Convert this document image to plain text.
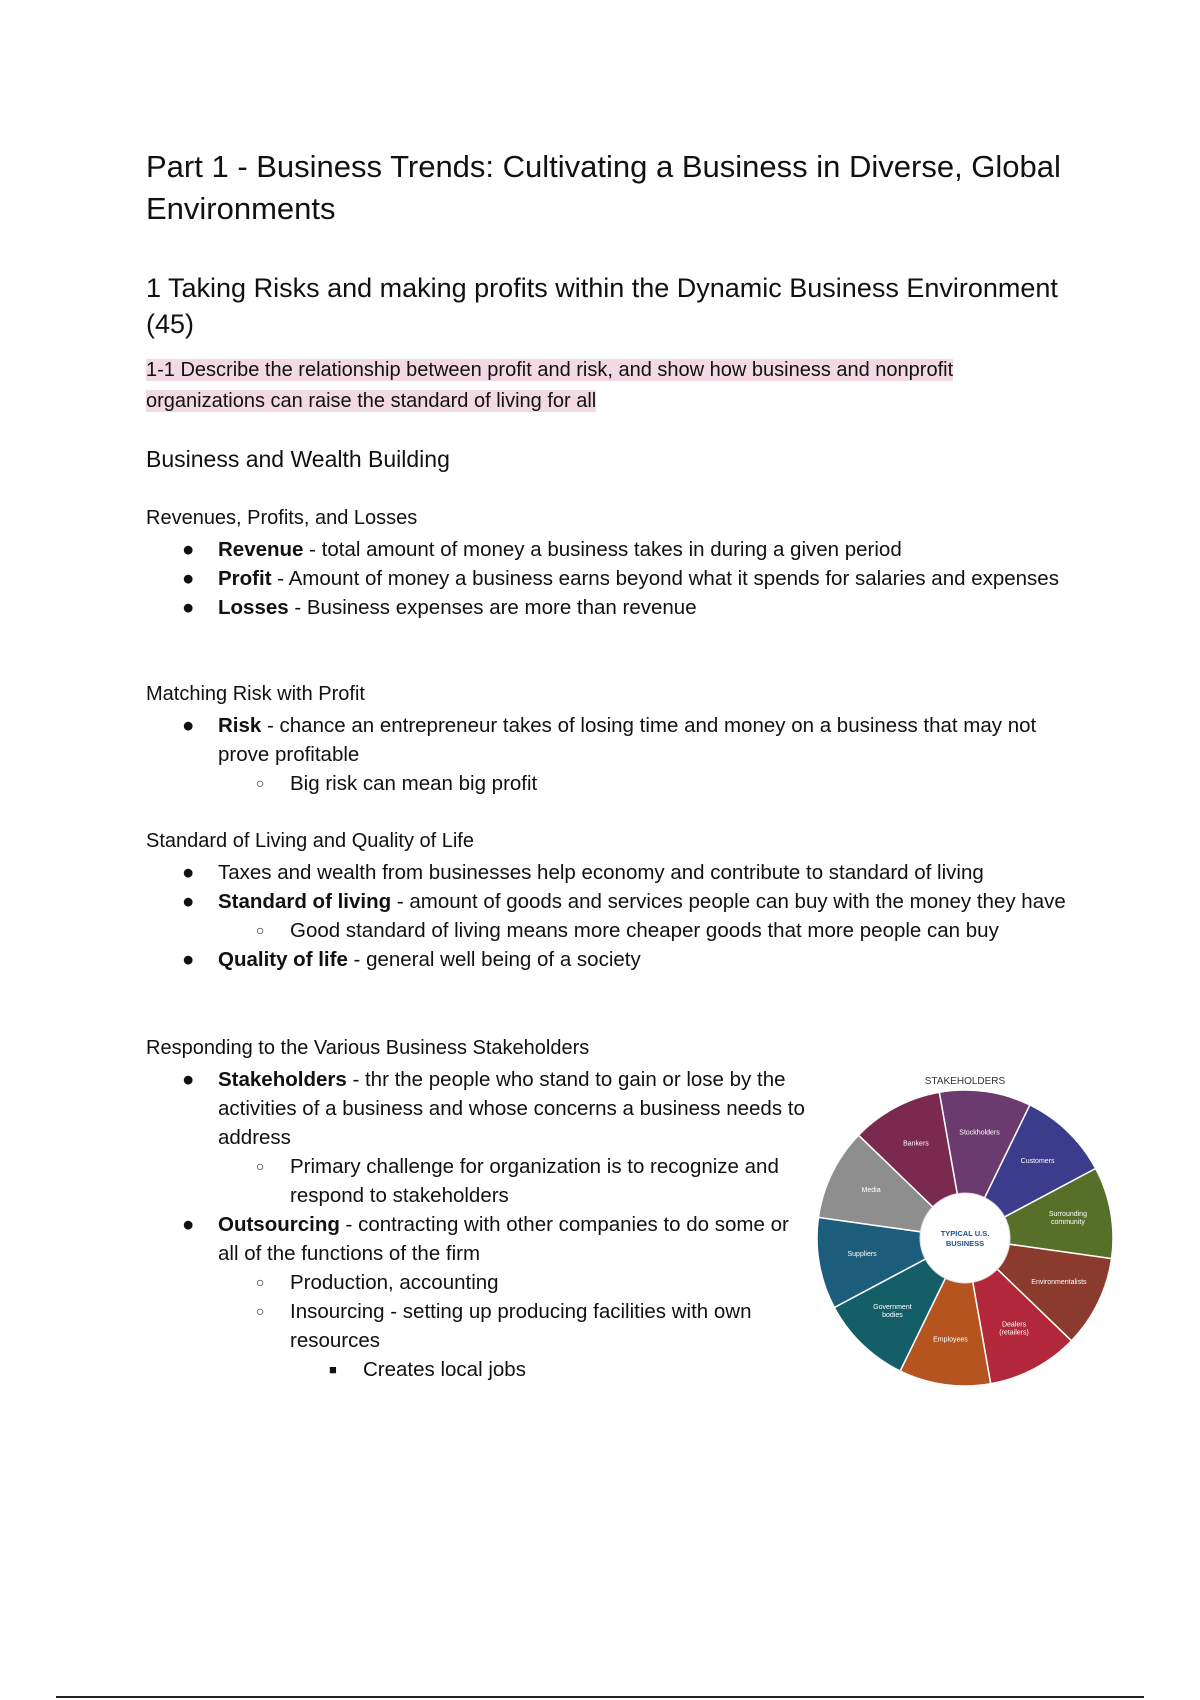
Part 1 - Business Trends: Cultivating a Business in Diverse, Global Environments
1 Taking Risks and making profits within the Dynamic Business Environment (45)

1-1 Describe the relationship between profit and risk, and show how business and nonprofit organizations can raise the standard of living for all

Business and Wealth Building
Revenues, Profits, and Losses
● Revenue - total amount of money a business takes in during a given period
● Profit - Amount of money a business earns beyond what it spends for salaries and expenses
● Losses - Business expenses are more than revenue
Matching Risk with Profit
● Risk - chance an entrepreneur takes of losing time and money on a business that may not prove profitable
○ Big risk can mean big profit
Standard of Living and Quality of Life
● Taxes and wealth from businesses help economy and contribute to standard of living
● Standard of living - amount of goods and services people can buy with the money they have
○ Good standard of living means more cheaper goods that more people can buy
● Quality of life - general well being of a society
Responding to the Various Business Stakeholders
● Stakeholders - thr the people who stand to gain or lose by the activities of a business and whose concerns a business needs to address
○ Primary challenge for organization is to recognize and respond to stakeholders
● Outsourcing - contracting with other companies to do some or all of the functions of the firm
○ Production, accounting
○ Insourcing - setting up producing facilities with own resources
■ Creates local jobs
STAKEHOLDERS
Stockholders
Customers
Surrounding community
Environmentalists
Dealers (retailers)
Employees
Government bodies
Suppliers
Media
Bankers
TYPICAL U.S.
BUSINESS
